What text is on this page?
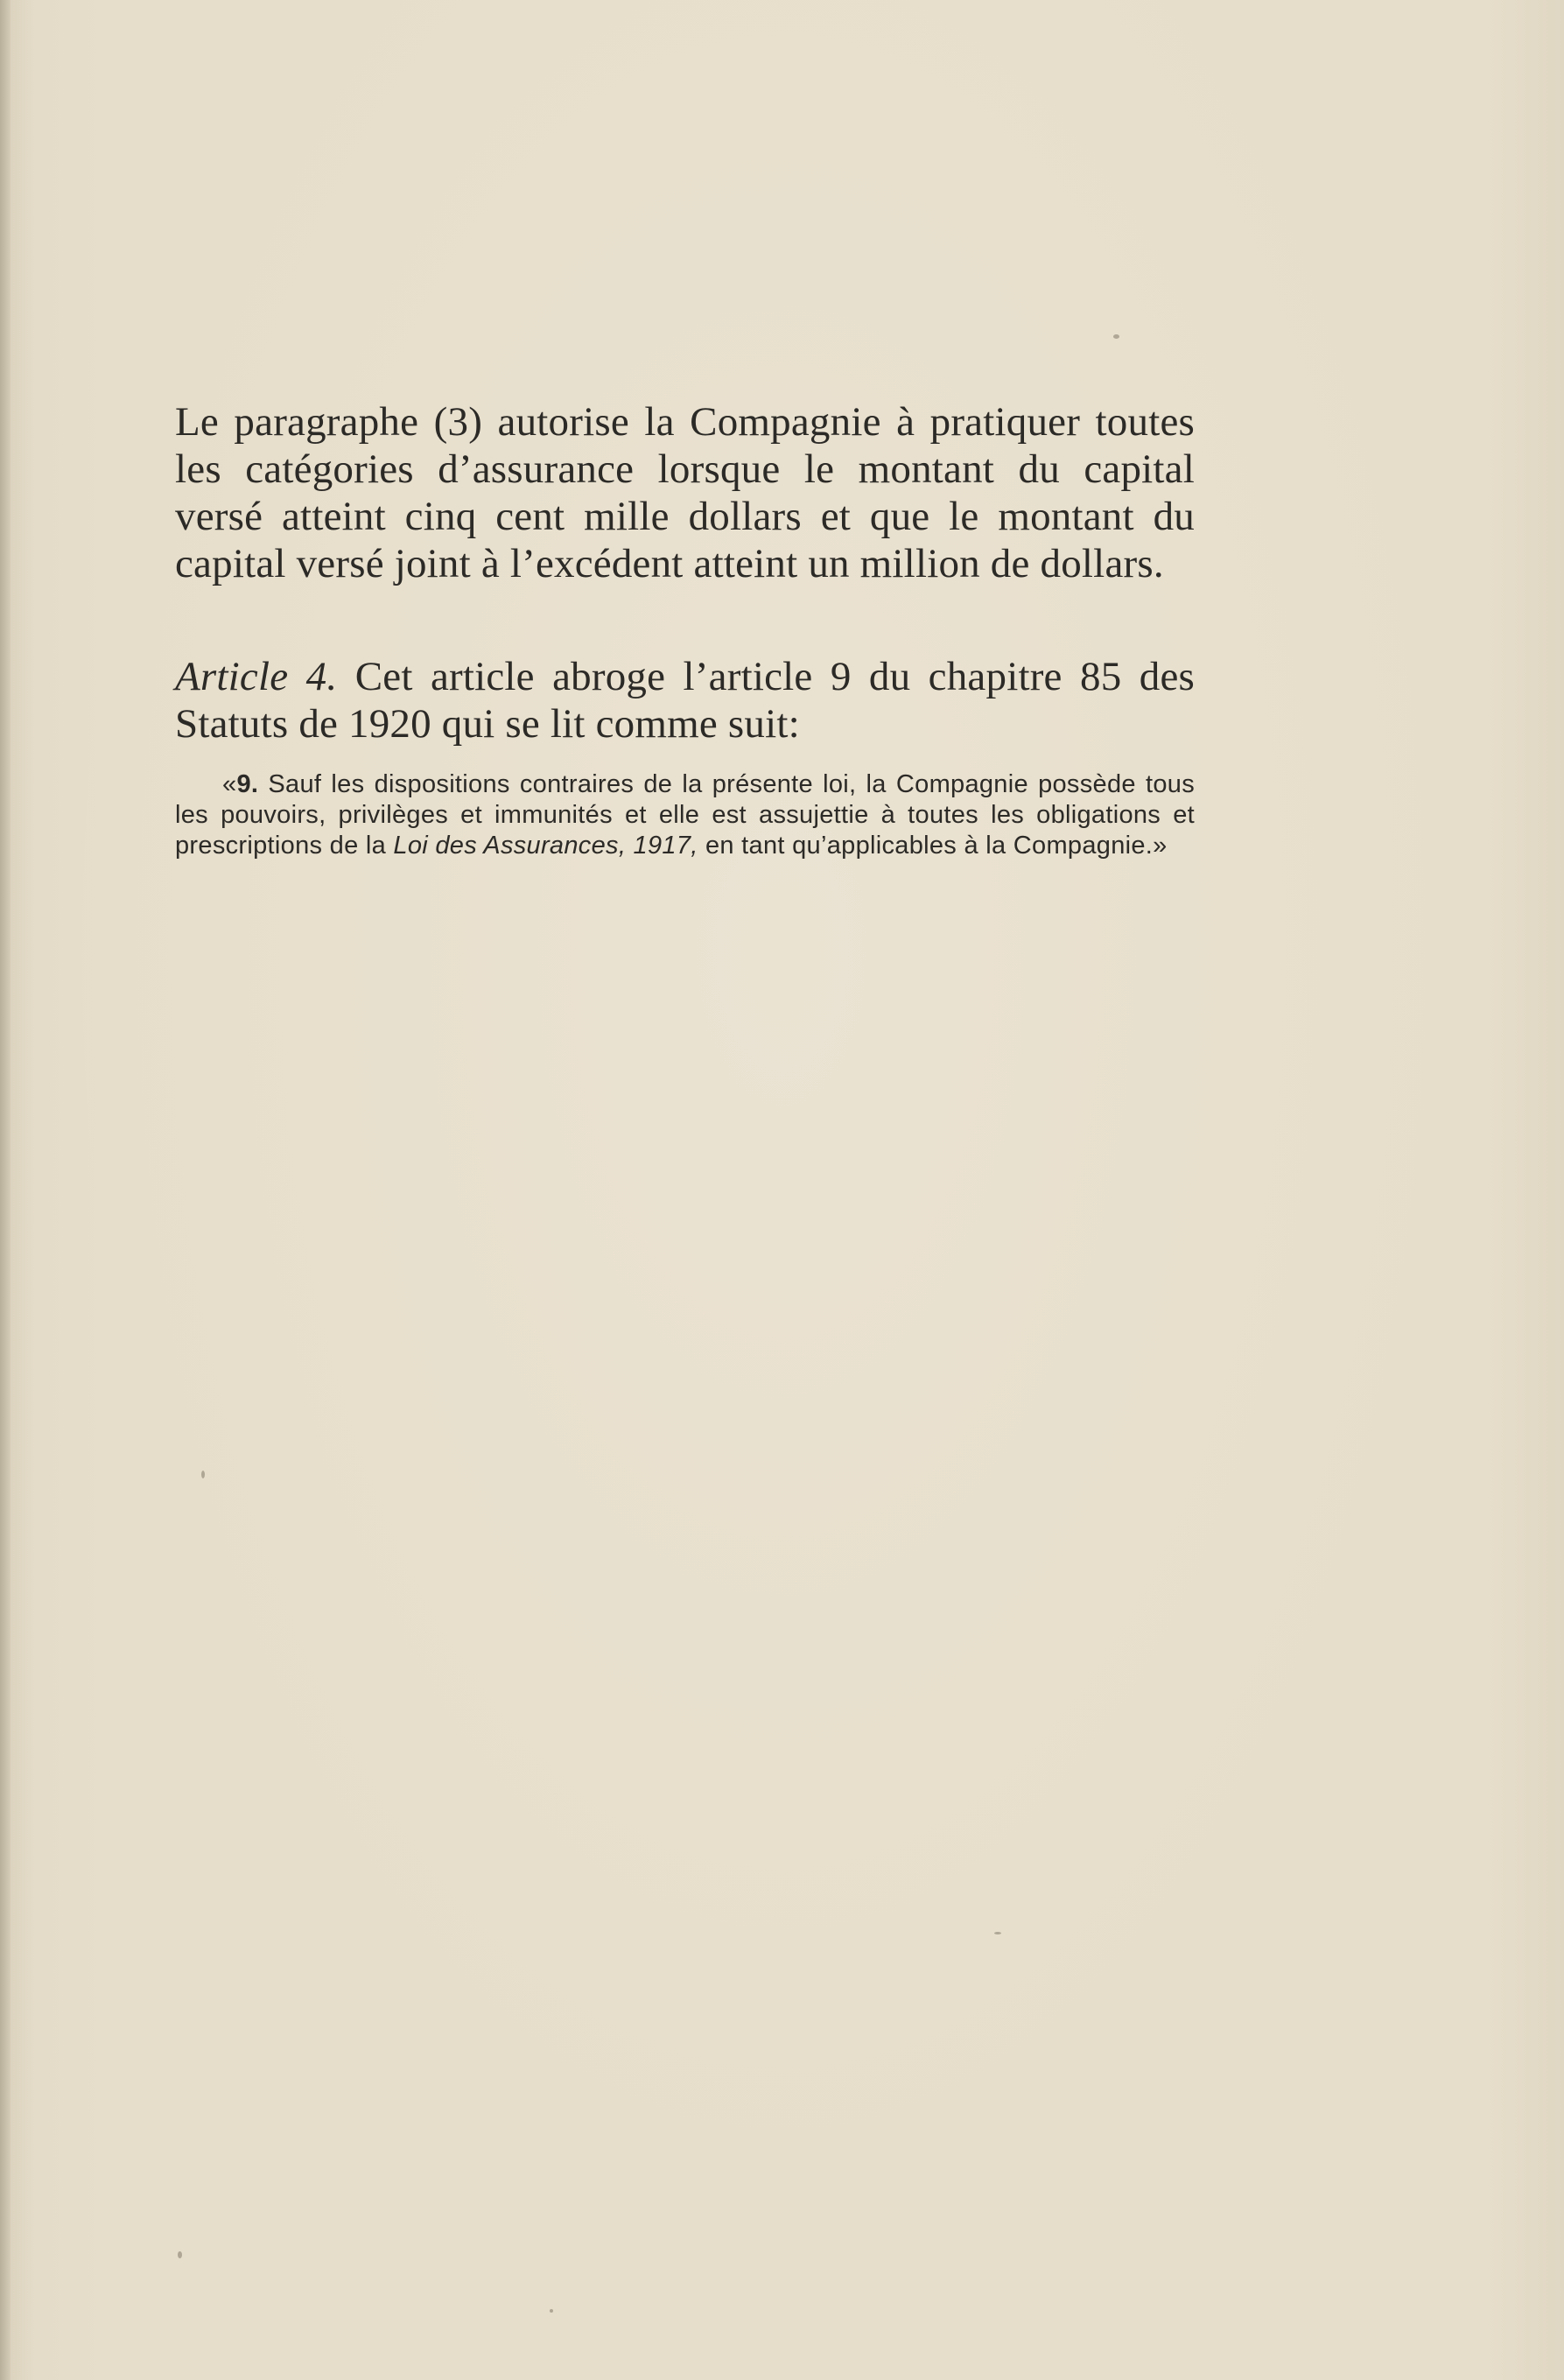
Le paragraphe (3) autorise la Compagnie à pratiquer toutes les catégories d’assurance lorsque le montant du capital versé atteint cinq cent mille dollars et que le montant du capital versé joint à l’excédent atteint un million de dollars.

Article 4. Cet article abroge l’article 9 du chapitre 85 des Statuts de 1920 qui se lit comme suit:

«9. Sauf les dispositions contraires de la présente loi, la Compagnie possède tous les pouvoirs, privilèges et immunités et elle est assujettie à toutes les obligations et prescriptions de la Loi des Assurances, 1917, en tant qu’applicables à la Compagnie.»
